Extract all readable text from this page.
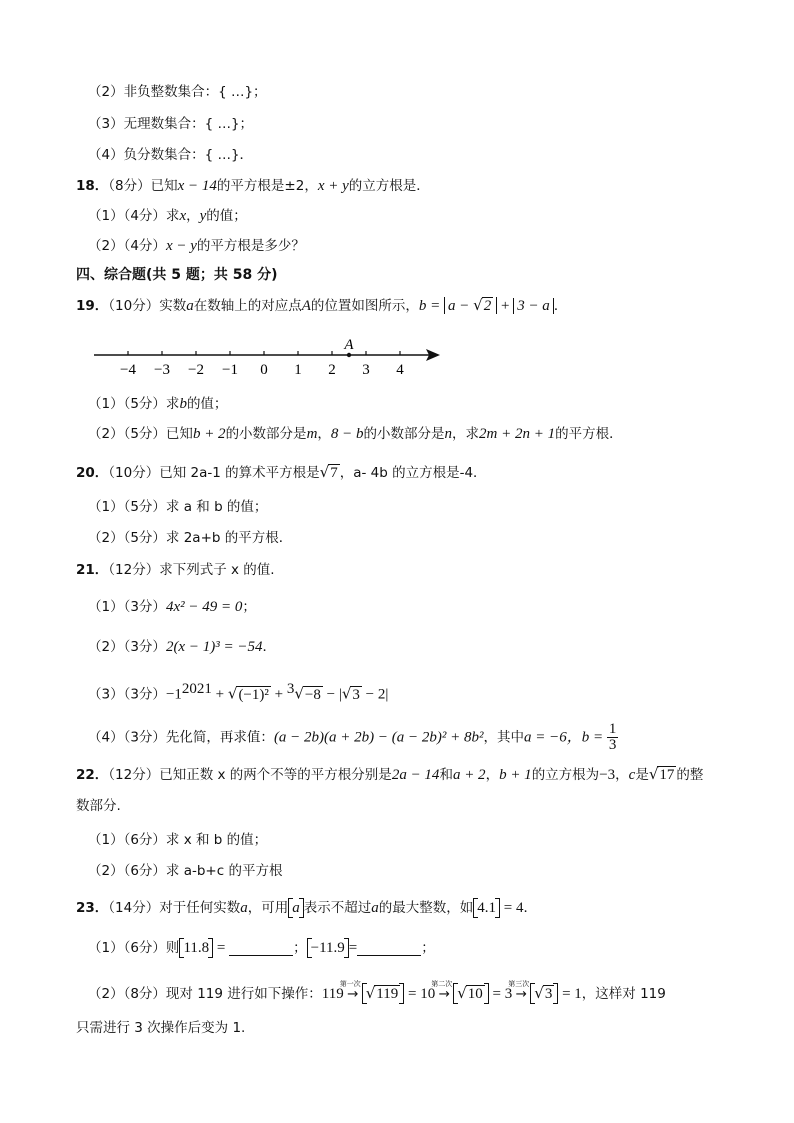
（2）非负整数集合：{ …}；
（3）无理数集合：{ …}；
（4）负分数集合：{ …}．
18．（8分）已知x − 14的平方根是±2，x + y的立方根是．
（1）（4分）求x，y的值；
（2）（4分）x − y的平方根是多少？
四、综合题(共 5 题；共 58 分)
19．（10分）实数a在数轴上的对应点A的位置如图所示，b = a − √2 + 3 − a ．
−4 −3 −2 −1 0 1 2 3 4
A
（1）（5分）求b的值；
（2）（5分）已知b + 2的小数部分是m，8 − b的小数部分是n，求2m + 2n + 1的平方根．
20．（10分）已知 2a-1 的算术平方根是√7 ，a- 4b 的立方根是-4．
（1）（5分）求 a 和 b 的值；
（2）（5分）求 2a+b 的平方根．
21．（12分）求下列式子 x 的值.
（1）（3分）4x² − 49 = 0；
（2）（3分）2(x − 1)³ = −54．
（3）（3分）$-1^{2021} + √(-1)^2 + ^3√-8 - |√3 - 2|$
（4）（3分）先化简，再求值：(a − 2b)(a + 2b) − (a − 2b)² + 8b²，其中a = −6，$b = \frac{1}{3}$
22．（12分）已知正数 x 的两个不等的平方根分别是2a − 14和a + 2，b + 1的立方根为−3，c是√17 的整
数部分.
（1）（6分）求 x 和 b 的值；
（2）（6分）求 a-b+c 的平方根
23．（14分）对于任何实数a，可用 a 表示不超过a的最大整数，如 4.1 = 4．
（1）（6分）则 11.8 =	； −11.9 =	；
（2）（8分）现对 119 进行如下操作：119
第一次
→ √119 = 10
第二次
→ √10 = 3
第三次
→ √3 = 1，这样对 119
只需进行 3 次操作后变为 1.
